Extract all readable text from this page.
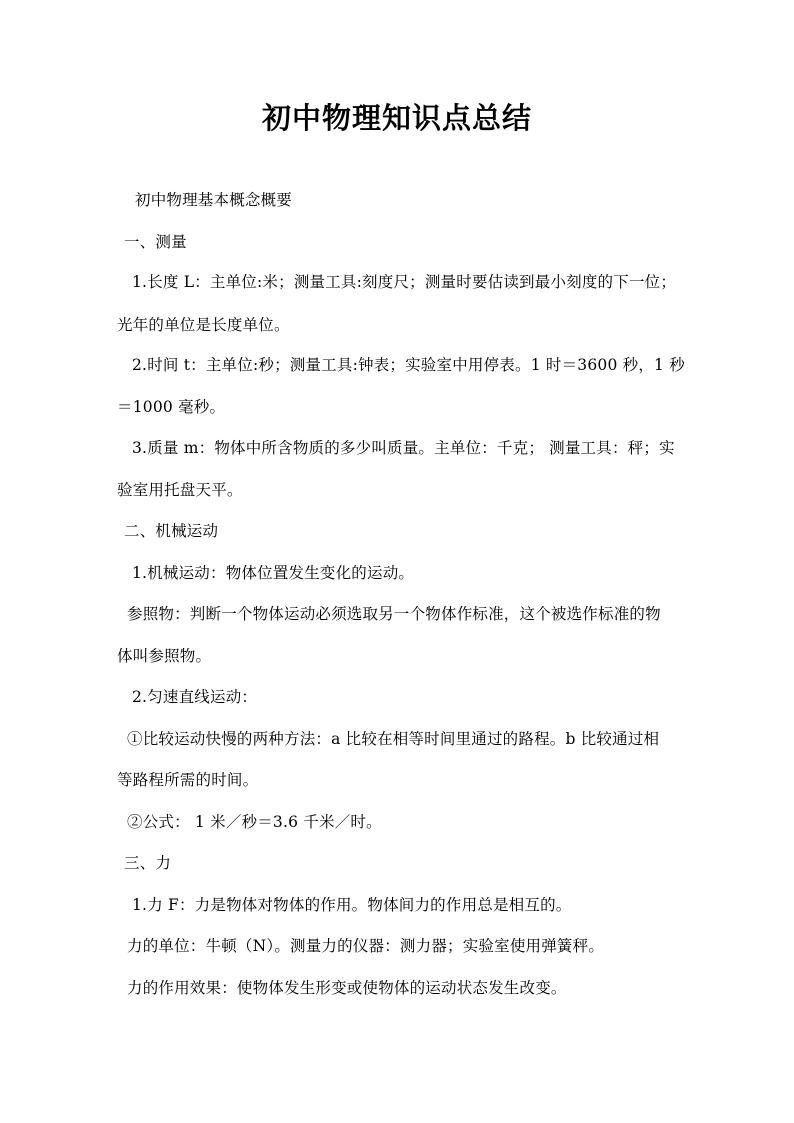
初中物理知识点总结
初中物理基本概念概要
一、测量
1.长度 L：主单位:米；测量工具:刻度尺；测量时要估读到最小刻度的下一位；
光年的单位是长度单位。
2.时间 t：主单位:秒；测量工具:钟表；实验室中用停表。1 时＝3600 秒，1 秒
＝1000 毫秒。
3.质量 m：物体中所含物质的多少叫质量。主单位：千克； 测量工具：秤；实
验室用托盘天平。
二、机械运动
1.机械运动：物体位置发生变化的运动。
参照物：判断一个物体运动必须选取另一个物体作标准，这个被选作标准的物
体叫参照物。
2.匀速直线运动：
①比较运动快慢的两种方法：a 比较在相等时间里通过的路程。b 比较通过相
等路程所需的时间。
②公式： 1 米／秒＝3.6 千米／时。
三、力
1.力 F：力是物体对物体的作用。物体间力的作用总是相互的。
力的单位：牛顿（N）。测量力的仪器：测力器；实验室使用弹簧秤。
力的作用效果：使物体发生形变或使物体的运动状态发生改变。
